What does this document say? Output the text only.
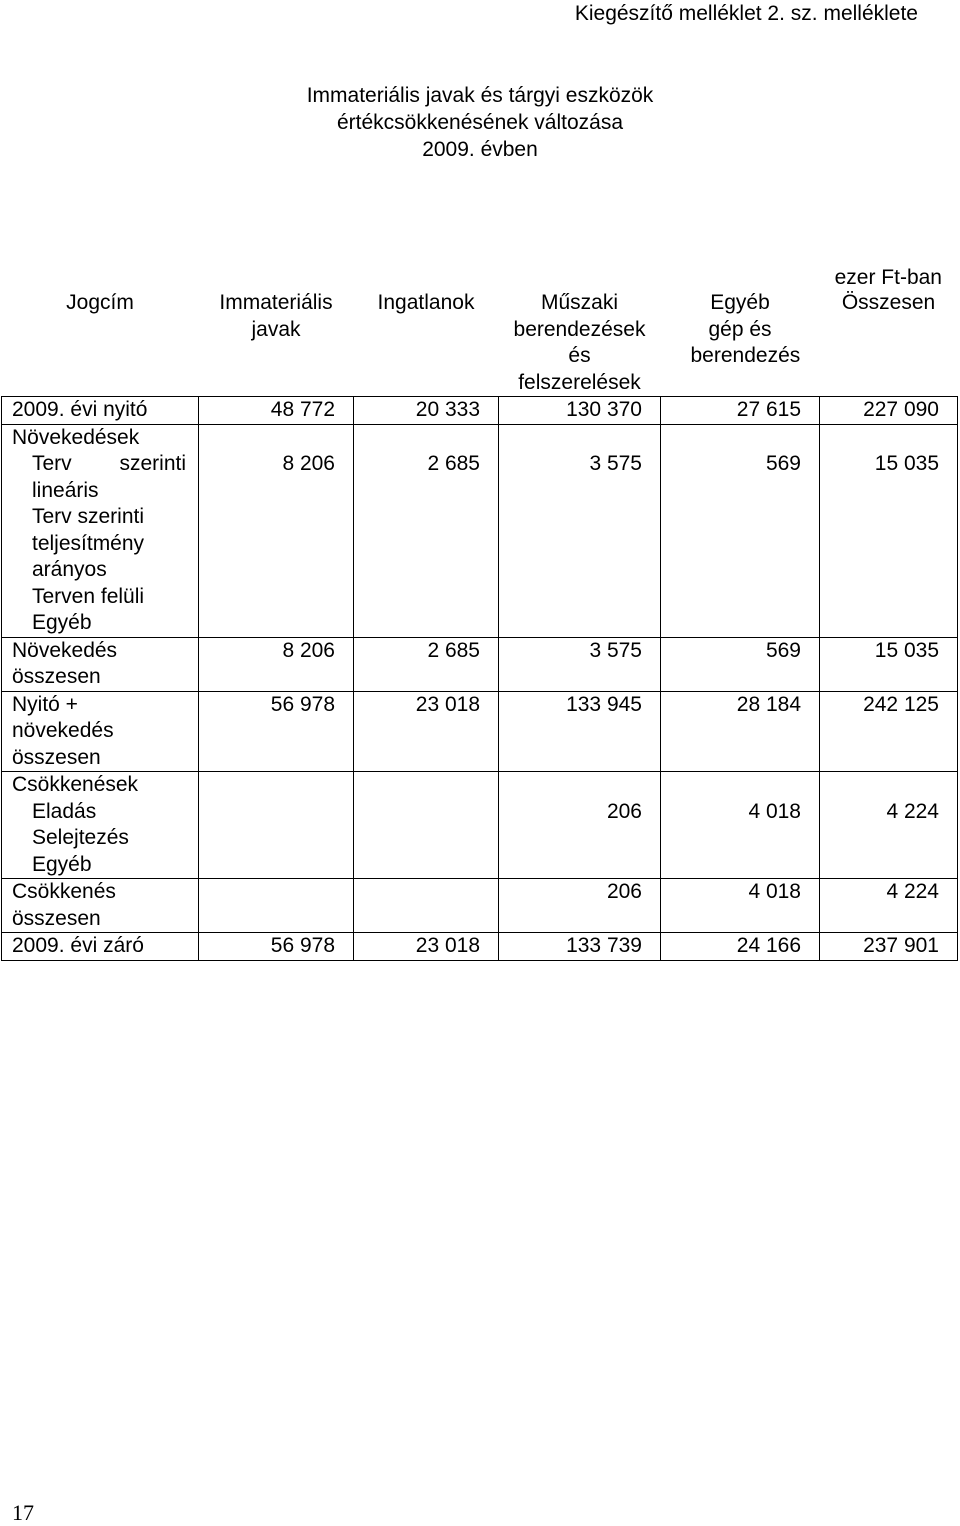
Kiegészítő melléklet 2. sz. melléklete
Immateriális javak és tárgyi eszközök
értékcsökkenésének változása
2009. évben
ezer Ft-ban
Jogcím	Immateriális javak	Ingatlanok	Műszaki berendezések és felszerelések	Egyéb gép és berendezés	Összesen
2009. évi nyitó	48 772	20 333	130 370	27 615	227 090
Növekedések					

Terv szerinti lineáris	8 206	2 685	3 575	569	15 035

Terv szerinti teljesítmény arányos					

Terven felüli					
Egyéb					
Növekedés összesen	8 206	2 685	3 575	569	15 035
Nyitó + növekedés összesen	56 978	23 018	133 945	28 184	242 125
Csökkenések					
Eladás			206	4 018	4 224
Selejtezés					
Egyéb					
Csökkenés összesen			206	4 018	4 224
2009. évi záró	56 978	23 018	133 739	24 166	237 901
17
